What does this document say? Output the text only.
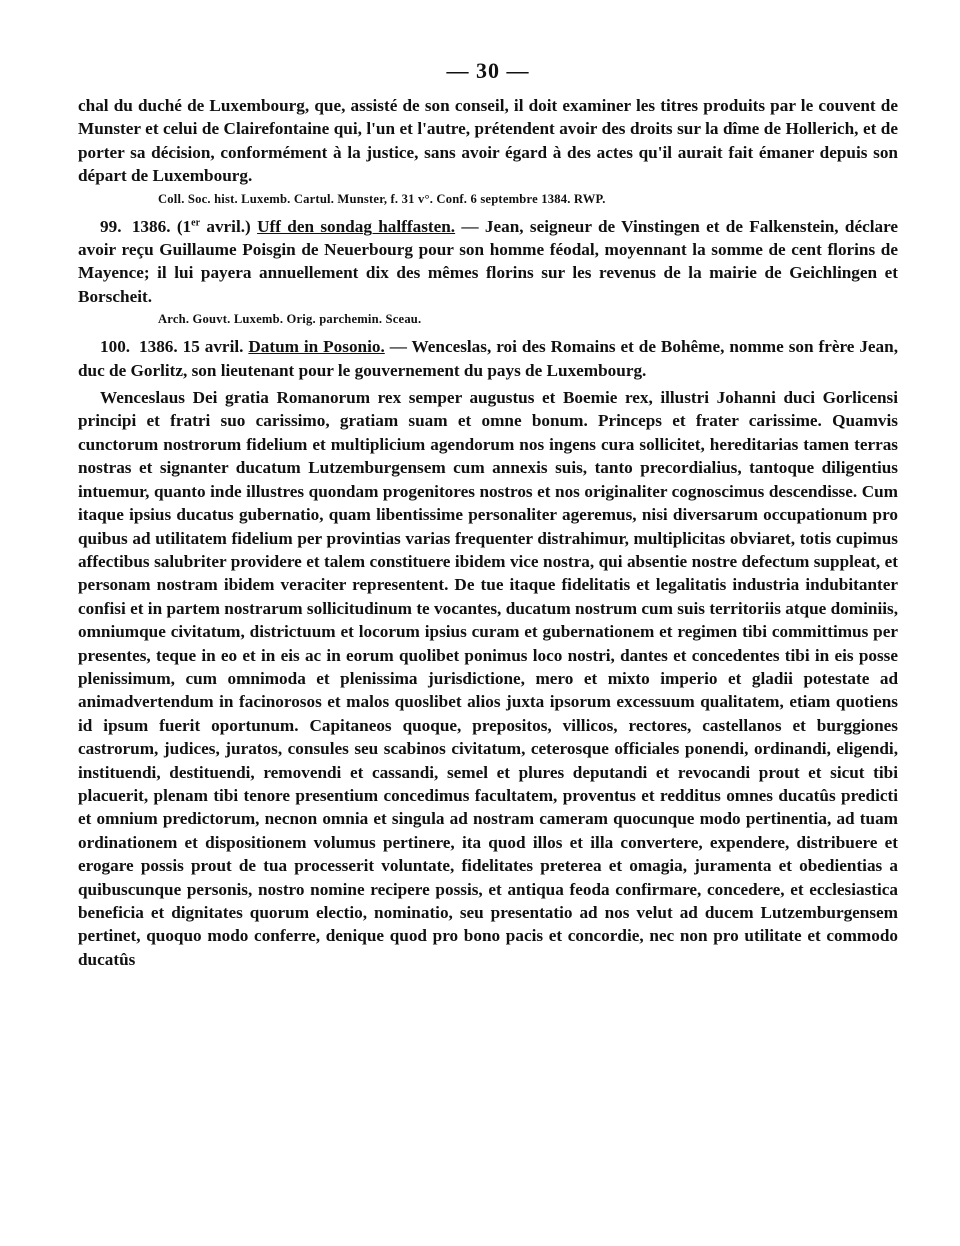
— 30 —

chal du duché de Luxembourg, que, assisté de son conseil, il doit examiner les titres produits par le couvent de Munster et celui de Clairefontaine qui, l'un et l'autre, prétendent avoir des droits sur la dîme de Hollerich, et de porter sa décision, conformément à la justice, sans avoir égard à des actes qu'il aurait fait émaner depuis son départ de Luxembourg.

Coll. Soc. hist. Luxemb. Cartul. Munster, f. 31 v°. Conf. 6 septembre 1384. RWP.

99. 1386. (1er avril.) Uff den sondag halffasten. — Jean, seigneur de Vinstingen et de Falkenstein, déclare avoir reçu Guillaume Poisgin de Neuerbourg pour son homme féodal, moyennant la somme de cent florins de Mayence; il lui payera annuellement dix des mêmes florins sur les revenus de la mairie de Geichlingen et Borscheit.

Arch. Gouvt. Luxemb. Orig. parchemin. Sceau.

100. 1386. 15 avril. Datum in Posonio. — Wenceslas, roi des Romains et de Bohême, nomme son frère Jean, duc de Gorlitz, son lieutenant pour le gouvernement du pays de Luxembourg.

Wenceslaus Dei gratia Romanorum rex semper augustus et Boemie rex, illustri Johanni duci Gorlicensi principi et fratri suo carissimo, gratiam suam et omne bonum. Princeps et frater carissime. Quamvis cunctorum nostrorum fidelium et multiplicium agendorum nos ingens cura sollicitet, hereditarias tamen terras nostras et signanter ducatum Lutzemburgensem cum annexis suis, tanto precordialius, tantoque diligentius intuemur, quanto inde illustres quondam progenitores nostros et nos originaliter cognoscimus descendisse. Cum itaque ipsius ducatus gubernatio, quam libentissime personaliter ageremus, nisi diversarum occupationum pro quibus ad utilitatem fidelium per provintias varias frequenter distrahimur, multiplicitas obviaret, totis cupimus affectibus salubriter providere et talem constituere ibidem vice nostra, qui absentie nostre defectum suppleat, et personam nostram ibidem veraciter representent. De tue itaque fidelitatis et legalitatis industria indubitanter confisi et in partem nostrarum sollicitudinum te vocantes, ducatum nostrum cum suis territoriis atque dominiis, omniumque civitatum, districtuum et locorum ipsius curam et gubernationem et regimen tibi committimus per presentes, teque in eo et in eis ac in eorum quolibet ponimus loco nostri, dantes et concedentes tibi in eis posse plenissimum, cum omnimoda et plenissima jurisdictione, mero et mixto imperio et gladii potestate ad animadvertendum in facinorosos et malos quoslibet alios juxta ipsorum excessuum qualitatem, etiam quotiens id ipsum fuerit oportunum. Capitaneos quoque, prepositos, villicos, rectores, castellanos et burggiones castrorum, judices, juratos, consules seu scabinos civitatum, ceterosque officiales ponendi, ordinandi, eligendi, instituendi, destituendi, removendi et cassandi, semel et plures deputandi et revocandi prout et sicut tibi placuerit, plenam tibi tenore presentium concedimus facultatem, proventus et redditus omnes ducatûs predicti et omnium predictorum, necnon omnia et singula ad nostram cameram quocunque modo pertinentia, ad tuam ordinationem et dispositionem volumus pertinere, ita quod illos et illa convertere, expendere, distribuere et erogare possis prout de tua processerit voluntate, fidelitates preterea et omagia, juramenta et obedientias a quibuscunque personis, nostro nomine recipere possis, et antiqua feoda confirmare, concedere, et ecclesiastica beneficia et dignitates quorum electio, nominatio, seu presentatio ad nos velut ad ducem Lutzemburgensem pertinet, quoquo modo conferre, denique quod pro bono pacis et concordie, nec non pro utilitate et commodo ducatûs
